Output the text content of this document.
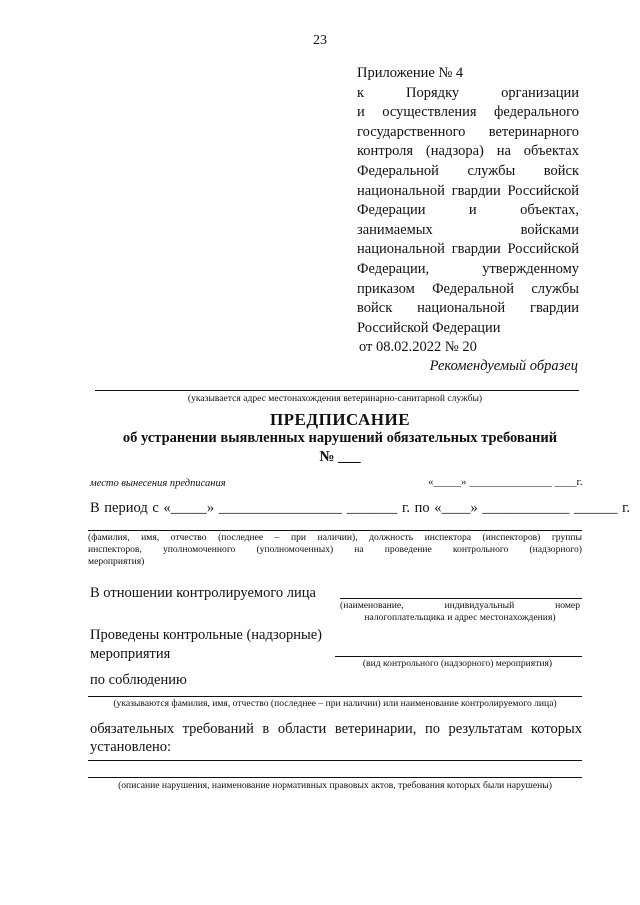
23
Приложение № 4
к Порядку организации
и осуществления федерального
государственного ветеринарного
контроля (надзора) на объектах
Федеральной службы войск
национальной гвардии Российской
Федерации и объектах,
занимаемых войсками
национальной гвардии Российской
Федерации, утвержденному
приказом Федеральной службы
войск национальной гвардии
Российской Федерации
от 08.02.2022 № 20
Рекомендуемый образец
(указывается адрес местонахождения ветеринарно-санитарной службы)
ПРЕДПИСАНИЕ
об устранении выявленных нарушений обязательных требований
№ ___
место вынесения предписания	«_____» _______________ ____г.
В период с «_____» _________________ _______ г. по «____» ____________ ______ г.
(фамилия, имя, отчество (последнее – при наличии), должность инспектора (инспекторов) группы
инспекторов, уполномоченного (уполномоченных) на проведение контрольного (надзорного)
мероприятия)
В отношении контролируемого лица
(наименование, индивидуальный номер
налогоплательщика и адрес местонахождения)
Проведены контрольные (надзорные) мероприятия
(вид контрольного (надзорного) мероприятия)
по соблюдению
(указываются фамилия, имя, отчество (последнее – при наличии) или наименование контролируемого лица)
обязательных требований в области ветеринарии, по результатам которых
установлено:
(описание нарушения, наименование нормативных правовых актов, требования которых были нарушены)
